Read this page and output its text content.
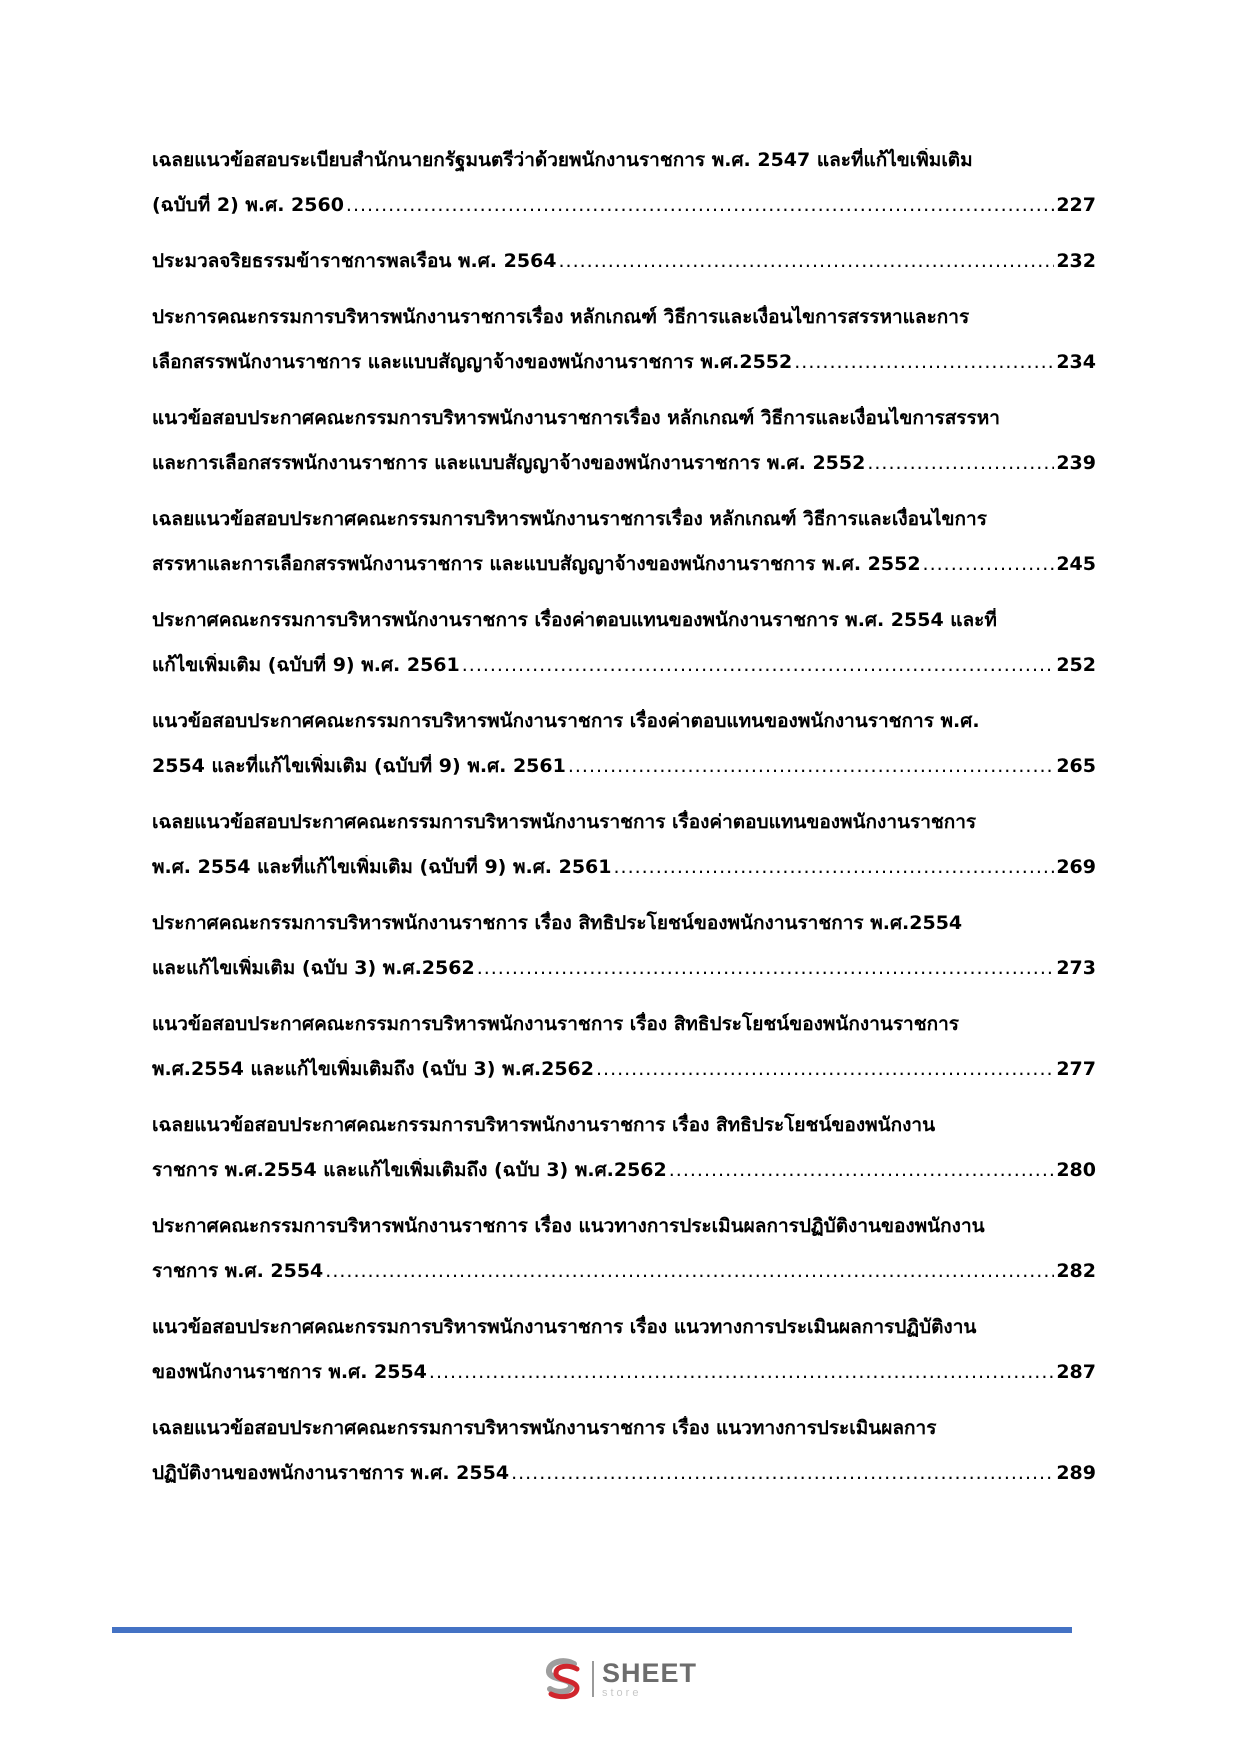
เฉลยแนวข้อสอบระเบียบสำนักนายกรัฐมนตรีว่าด้วยพนักงานราชการ พ.ศ. 2547 และที่แก้ไขเพิ่มเติม
(ฉบับที่ 2) พ.ศ. 2560 .....	227
ประมวลจริยธรรมข้าราชการพลเรือน พ.ศ. 2564 .....	232
ประการคณะกรรมการบริหารพนักงานราชการเรื่อง หลักเกณฑ์ วิธีการและเงื่อนไขการสรรหาและการ
เลือกสรรพนักงานราชการ และแบบสัญญาจ้างของพนักงานราชการ พ.ศ.2552 .....	234
แนวข้อสอบประกาศคณะกรรมการบริหารพนักงานราชการเรื่อง หลักเกณฑ์ วิธีการและเงื่อนไขการสรรหา
และการเลือกสรรพนักงานราชการ และแบบสัญญาจ้างของพนักงานราชการ พ.ศ. 2552 .....	239
เฉลยแนวข้อสอบประกาศคณะกรรมการบริหารพนักงานราชการเรื่อง หลักเกณฑ์ วิธีการและเงื่อนไขการ
สรรหาและการเลือกสรรพนักงานราชการ และแบบสัญญาจ้างของพนักงานราชการ พ.ศ. 2552 .....	245
ประกาศคณะกรรมการบริหารพนักงานราชการ เรื่องค่าตอบแทนของพนักงานราชการ พ.ศ. 2554 และที่
แก้ไขเพิ่มเติม (ฉบับที่ 9) พ.ศ. 2561 .....	252
แนวข้อสอบประกาศคณะกรรมการบริหารพนักงานราชการ เรื่องค่าตอบแทนของพนักงานราชการ พ.ศ.
2554 และที่แก้ไขเพิ่มเติม (ฉบับที่ 9) พ.ศ. 2561 .....	265
เฉลยแนวข้อสอบประกาศคณะกรรมการบริหารพนักงานราชการ เรื่องค่าตอบแทนของพนักงานราชการ
พ.ศ. 2554 และที่แก้ไขเพิ่มเติม (ฉบับที่ 9) พ.ศ. 2561 .....	269
ประกาศคณะกรรมการบริหารพนักงานราชการ เรื่อง สิทธิประโยชน์ของพนักงานราชการ พ.ศ.2554
และแก้ไขเพิ่มเติม (ฉบับ 3) พ.ศ.2562 .....	273
แนวข้อสอบประกาศคณะกรรมการบริหารพนักงานราชการ เรื่อง สิทธิประโยชน์ของพนักงานราชการ
พ.ศ.2554 และแก้ไขเพิ่มเติมถึง (ฉบับ 3) พ.ศ.2562 .....	277
เฉลยแนวข้อสอบประกาศคณะกรรมการบริหารพนักงานราชการ เรื่อง สิทธิประโยชน์ของพนักงาน
ราชการ พ.ศ.2554 และแก้ไขเพิ่มเติมถึง (ฉบับ 3) พ.ศ.2562 .....	280
ประกาศคณะกรรมการบริหารพนักงานราชการ เรื่อง แนวทางการประเมินผลการปฏิบัติงานของพนักงาน
ราชการ พ.ศ. 2554 .....	282
แนวข้อสอบประกาศคณะกรรมการบริหารพนักงานราชการ เรื่อง แนวทางการประเมินผลการปฏิบัติงาน
ของพนักงานราชการ พ.ศ. 2554 .....	287
เฉลยแนวข้อสอบประกาศคณะกรรมการบริหารพนักงานราชการ เรื่อง แนวทางการประเมินผลการ
ปฏิบัติงานของพนักงานราชการ พ.ศ. 2554 .....	289
SHEET
store
